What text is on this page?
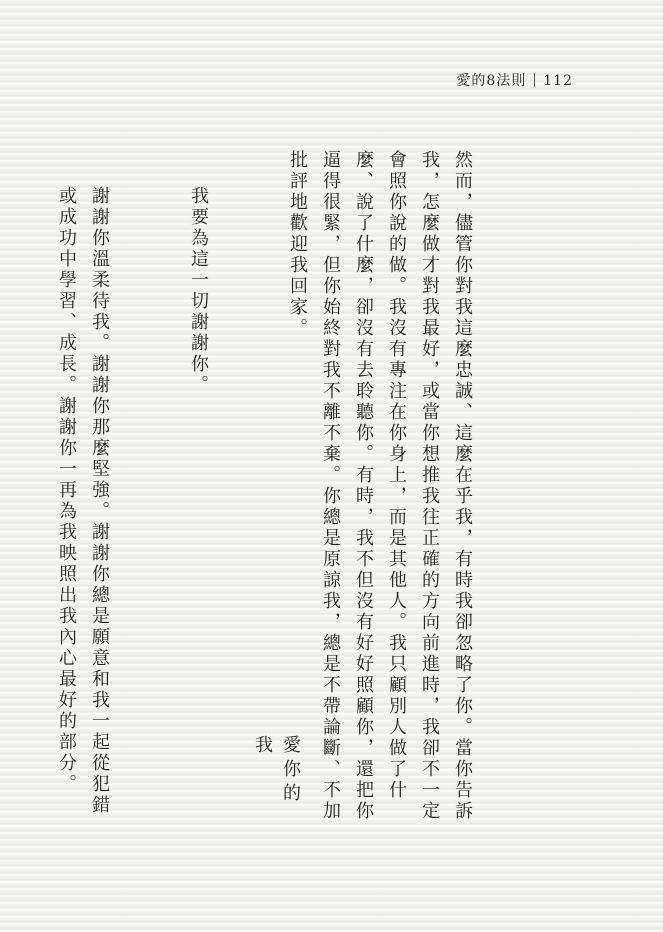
愛的8法則 112

然而，儘管你對我這麼忠誠、這麼在乎我，有時我卻忽略了你。當你告訴我，怎麼做才對我最好，或當你想推我往正確的方向前進時，我卻不一定會照你說的做。我沒有專注在你身上，而是其他人。我只顧別人做了什麼、說了什麼，卻沒有去聆聽你。有時，我不但沒有好好照顧你，還把你逼得很緊，但你始終對我不離不棄。你總是原諒我，總是不帶論斷、不加批評地歡迎我回家。

我要為這一切謝謝你。

謝謝你溫柔待我。謝謝你那麼堅強。謝謝你總是願意和我一起從犯錯或成功中學習、成長。謝謝你一再為我映照出我內心最好的部分。

	愛你的
我
